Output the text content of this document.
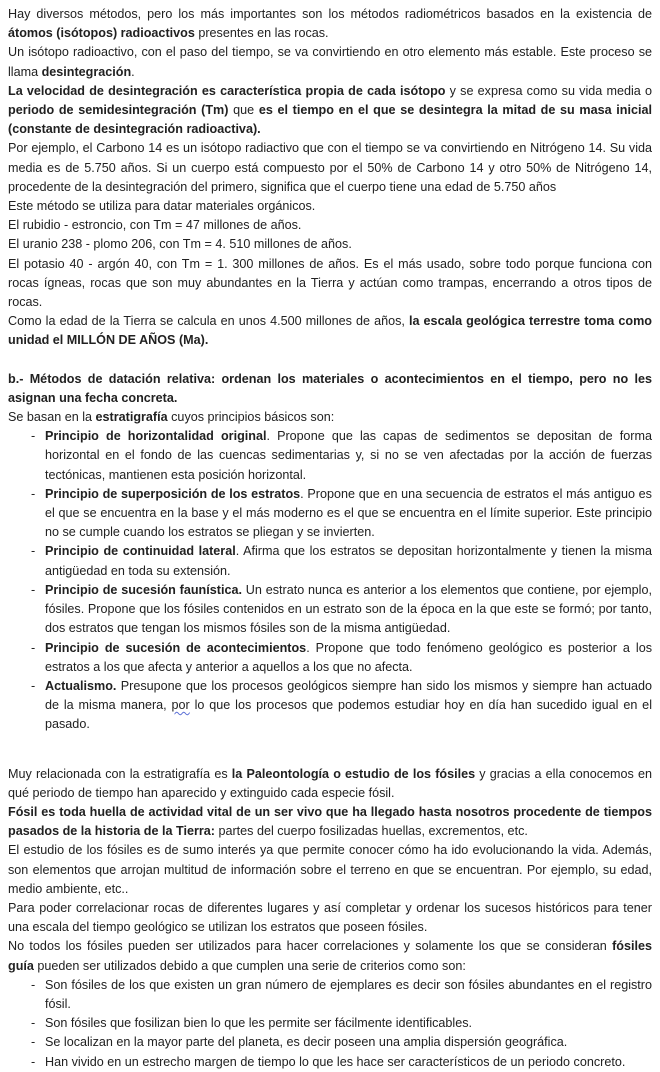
Hay diversos métodos, pero los más importantes son los métodos radiométricos basados en la existencia de átomos (isótopos) radioactivos presentes en las rocas.

Un isótopo radioactivo, con el paso del tiempo, se va convirtiendo en otro elemento más estable. Este proceso se llama desintegración.

La velocidad de desintegración es característica propia de cada isótopo y se expresa como su vida media o periodo de semidesintegración (Tm) que es el tiempo en el que se desintegra la mitad de su masa inicial (constante de desintegración radioactiva).

Por ejemplo, el Carbono 14 es un isótopo radiactivo que con el tiempo se va convirtiendo en Nitrógeno 14. Su vida media es de 5.750 años. Si un cuerpo está compuesto por el 50% de Carbono 14 y otro 50% de Nitrógeno 14, procedente de la desintegración del primero, significa que el cuerpo tiene una edad de 5.750 años

Este método se utiliza para datar materiales orgánicos.

El rubidio - estroncio, con Tm = 47 millones de años.

El uranio 238 - plomo 206, con Tm = 4. 510 millones de años.

El potasio 40 - argón 40, con Tm = 1. 300 millones de años. Es el más usado, sobre todo porque funciona con rocas ígneas, rocas que son muy abundantes en la Tierra y actúan como trampas, encerrando a otros tipos de rocas.

Como la edad de la Tierra se calcula en unos 4.500 millones de años, la escala geológica terrestre toma como unidad el MILLÓN DE AÑOS (Ma).

b.- Métodos de datación relativa: ordenan los materiales o acontecimientos en el tiempo, pero no les asignan una fecha concreta.

Se basan en la estratigrafía cuyos principios básicos son:

- Principio de horizontalidad original. Propone que las capas de sedimentos se depositan de forma horizontal en el fondo de las cuencas sedimentarias y, si no se ven afectadas por la acción de fuerzas tectónicas, mantienen esta posición horizontal.
- Principio de superposición de los estratos. Propone que en una secuencia de estratos el más antiguo es el que se encuentra en la base y el más moderno es el que se encuentra en el límite superior. Este principio no se cumple cuando los estratos se pliegan y se invierten.
- Principio de continuidad lateral. Afirma que los estratos se depositan horizontalmente y tienen la misma antigüedad en toda su extensión.
- Principio de sucesión faunística. Un estrato nunca es anterior a los elementos que contiene, por ejemplo, fósiles. Propone que los fósiles contenidos en un estrato son de la época en la que este se formó; por tanto, dos estratos que tengan los mismos fósiles son de la misma antigüedad.
- Principio de sucesión de acontecimientos. Propone que todo fenómeno geológico es posterior a los estratos a los que afecta y anterior a aquellos a los que no afecta.
- Actualismo. Presupone que los procesos geológicos siempre han sido los mismos y siempre han actuado de la misma manera, por lo que los procesos que podemos estudiar hoy en día han sucedido igual en el pasado.

Muy relacionada con la estratigrafía es la Paleontología o estudio de los fósiles y gracias a ella conocemos en qué periodo de tiempo han aparecido y extinguido cada especie fósil.

Fósil es toda huella de actividad vital de un ser vivo que ha llegado hasta nosotros procedente de tiempos pasados de la historia de la Tierra: partes del cuerpo fosilizadas huellas, excrementos, etc.

El estudio de los fósiles es de sumo interés ya que permite conocer cómo ha ido evolucionando la vida. Además, son elementos que arrojan multitud de información sobre el terreno en que se encuentran. Por ejemplo, su edad, medio ambiente, etc..

Para poder correlacionar rocas de diferentes lugares y así completar y ordenar los sucesos históricos para tener una escala del tiempo geológico se utilizan los estratos que poseen fósiles.

No todos los fósiles pueden ser utilizados para hacer correlaciones y solamente los que se consideran fósiles guía pueden ser utilizados debido a que cumplen una serie de criterios como son:

- Son fósiles de los que existen un gran número de ejemplares es decir son fósiles abundantes en el registro fósil.
- Son fósiles que fosilizan bien lo que les permite ser fácilmente identificables.
- Se localizan en la mayor parte del planeta, es decir poseen una amplia dispersión geográfica.
- Han vivido en un estrecho margen de tiempo lo que les hace ser característicos de un periodo concreto.
